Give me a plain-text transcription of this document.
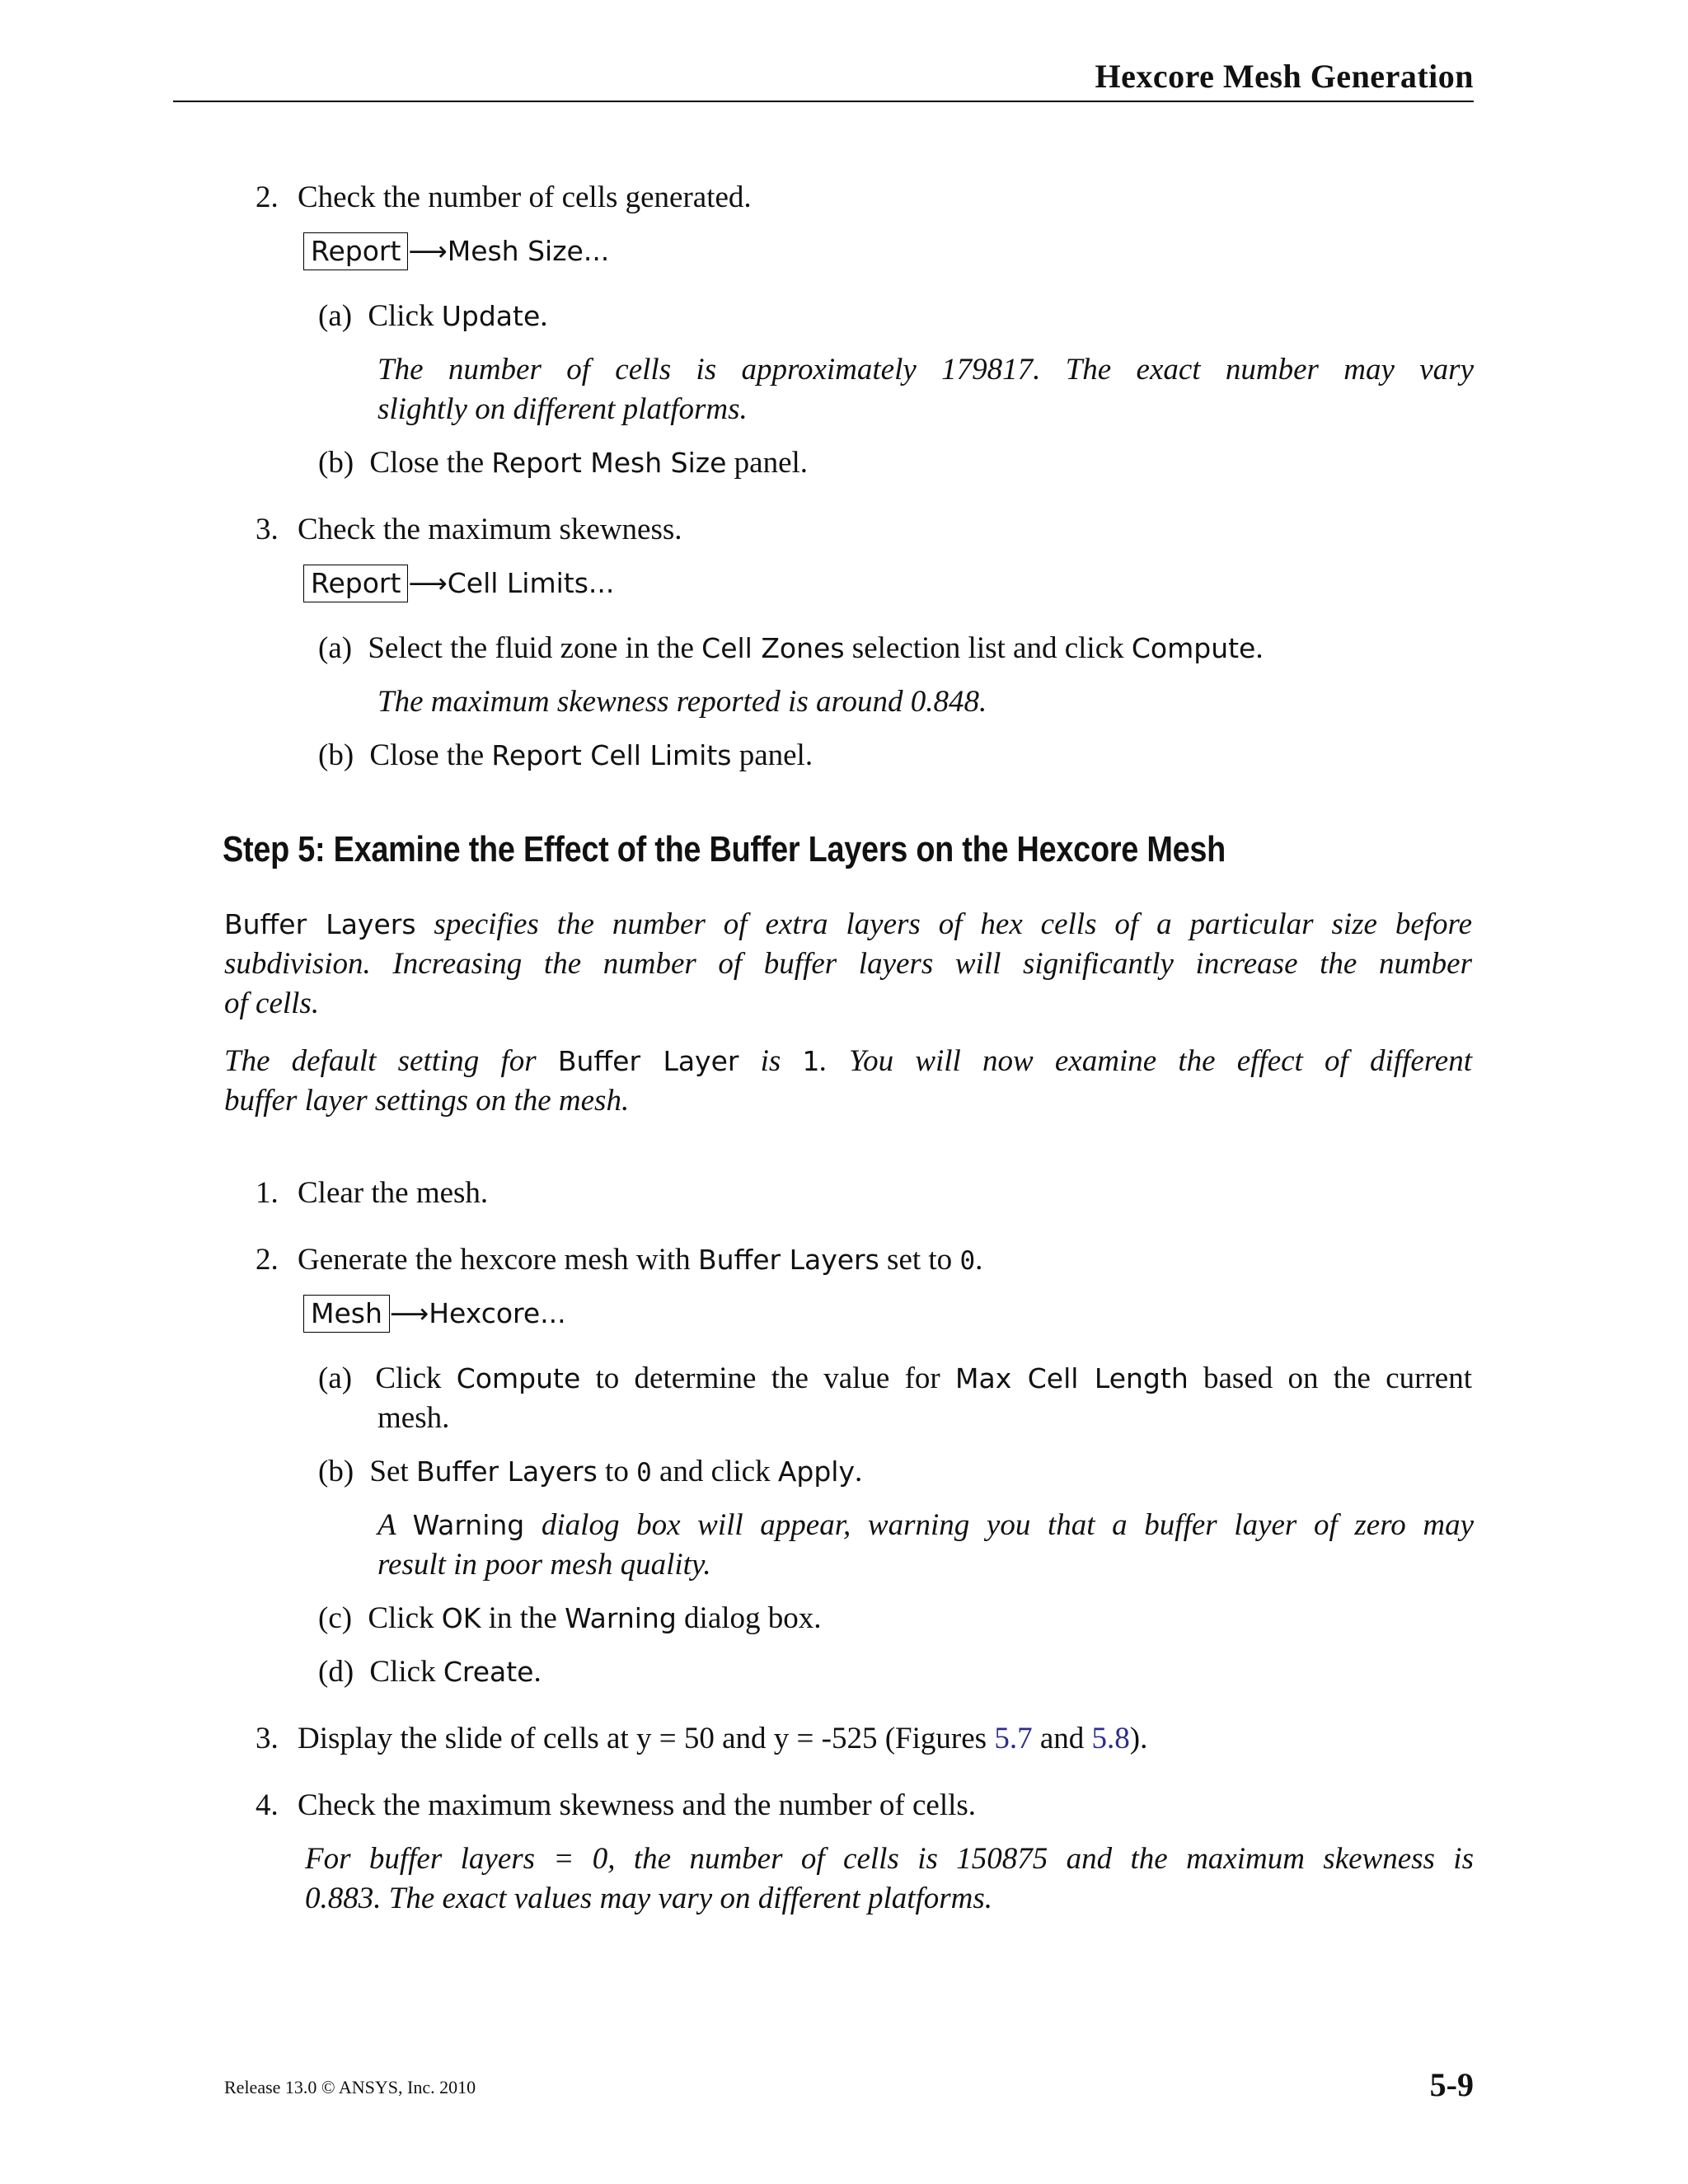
Hexcore Mesh Generation
2. Check the number of cells generated.
Report ⟶Mesh Size...
(a) Click Update.
The number of cells is approximately 179817. The exact number may vary
slightly on different platforms.
(b) Close the Report Mesh Size panel.
3. Check the maximum skewness.
Report ⟶Cell Limits...
(a) Select the fluid zone in the Cell Zones selection list and click Compute.
The maximum skewness reported is around 0.848.
(b) Close the Report Cell Limits panel.
Step 5: Examine the Effect of the Buffer Layers on the Hexcore Mesh
Buffer Layers specifies the number of extra layers of hex cells of a particular size before
subdivision. Increasing the number of buffer layers will significantly increase the number
of cells.
The default setting for Buffer Layer is 1. You will now examine the effect of different
buffer layer settings on the mesh.
1. Clear the mesh.
2. Generate the hexcore mesh with Buffer Layers set to 0.
Mesh ⟶Hexcore...
(a) Click Compute to determine the value for Max Cell Length based on the current
mesh.
(b) Set Buffer Layers to 0 and click Apply.
A Warning dialog box will appear, warning you that a buffer layer of zero may
result in poor mesh quality.
(c) Click OK in the Warning dialog box.
(d) Click Create.
3. Display the slide of cells at y = 50 and y = -525 (Figures 5.7 and 5.8).
4. Check the maximum skewness and the number of cells.
For buffer layers = 0, the number of cells is 150875 and the maximum skewness is
0.883. The exact values may vary on different platforms.
Release 13.0 © ANSYS, Inc. 2010	5-9
